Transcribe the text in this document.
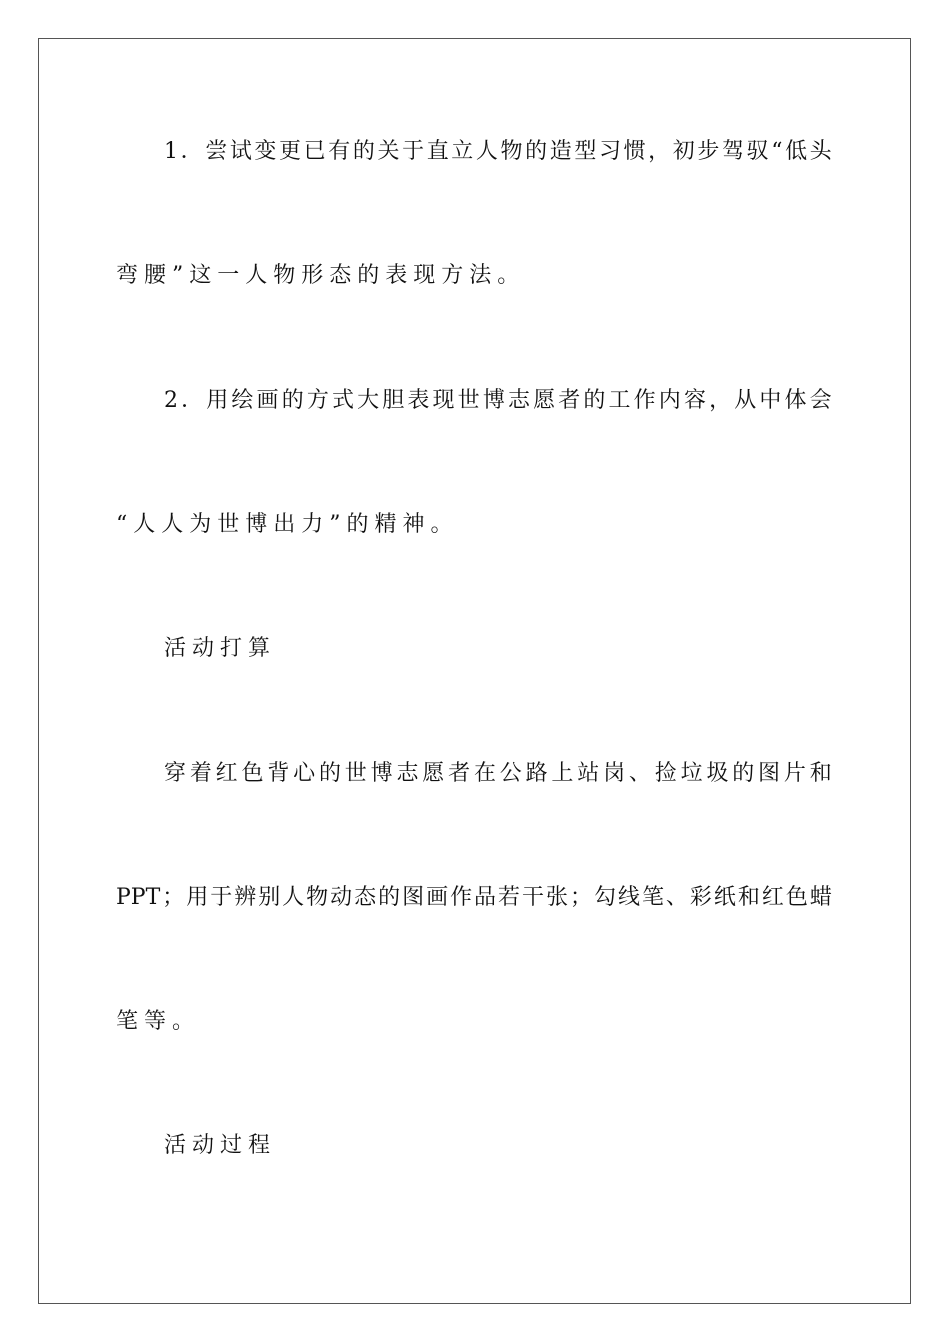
1 ． 尝 试 变 更 已 有 的 关 于 直 立 人 物 的 造 型 习 惯 ， 初 步 驾 驭 “ 低 头
弯腰”这一人物形态的表现方法。
2 ． 用 绘 画 的 方 式 大 胆 表 现 世 博 志 愿 者 的 工 作 内 容 ， 从 中 体 会
“人人为世博出力”的精神。
活动打算
穿 着 红 色 背 心 的 世 博 志 愿 者 在 公 路 上 站 岗 、 捡 垃 圾 的 图 片 和
PPT ； 用 于 辨 别 人 物 动 态 的 图 画 作 品 若 干 张 ； 勾 线 笔 、 彩 纸 和 红 色 蜡
笔等。
活动过程
